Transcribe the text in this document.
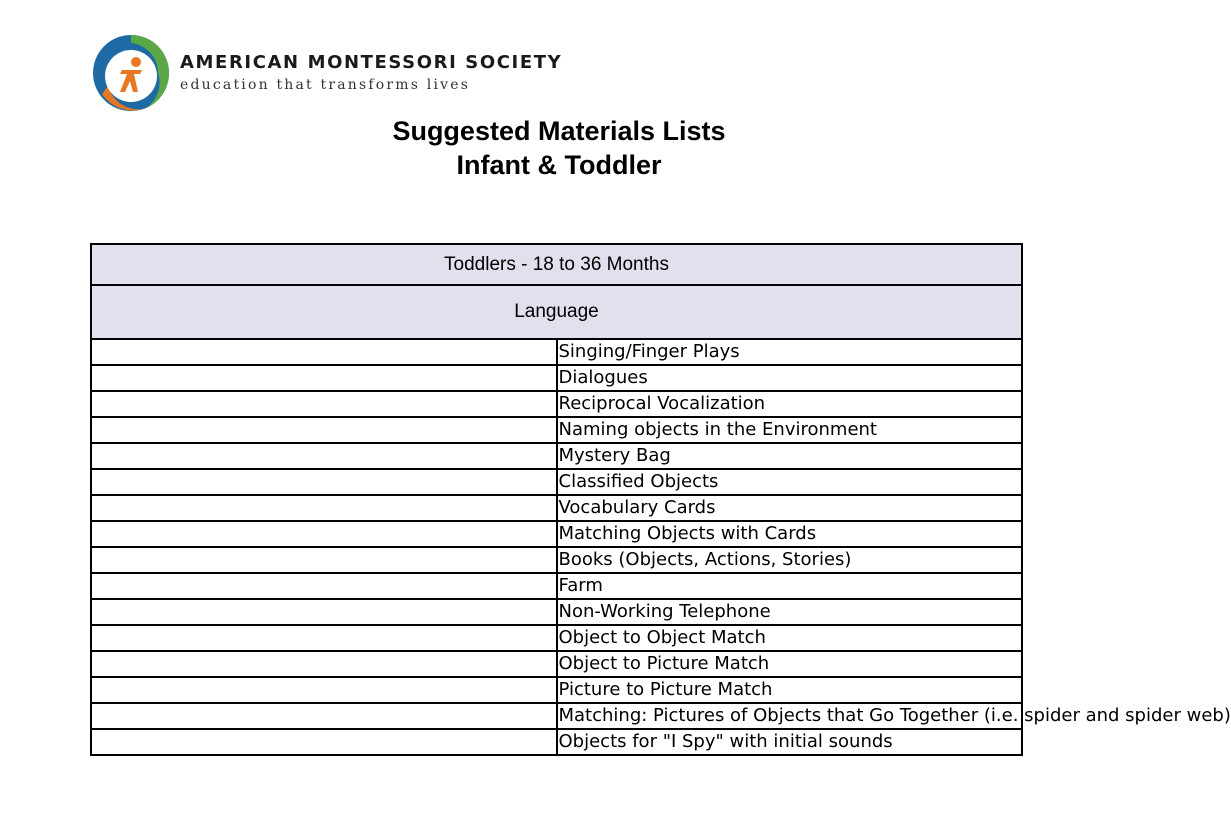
AMERICAN MONTESSORI SOCIETY
education that transforms lives
Suggested Materials Lists
Infant & Toddler
Toddlers - 18 to 36 Months	
Language	
	Singing/Finger Plays
	Dialogues
	Reciprocal Vocalization
	Naming objects in the Environment
	Mystery Bag
	Classified Objects
	Vocabulary Cards
	Matching Objects with Cards
	Books (Objects, Actions, Stories)
	Farm
	Non-Working Telephone
	Object to Object Match
	Object to Picture Match
	Picture to Picture Match
	Matching: Pictures of Objects that Go Together (i.e. spider and spider web)
	Objects for "I Spy" with initial sounds
